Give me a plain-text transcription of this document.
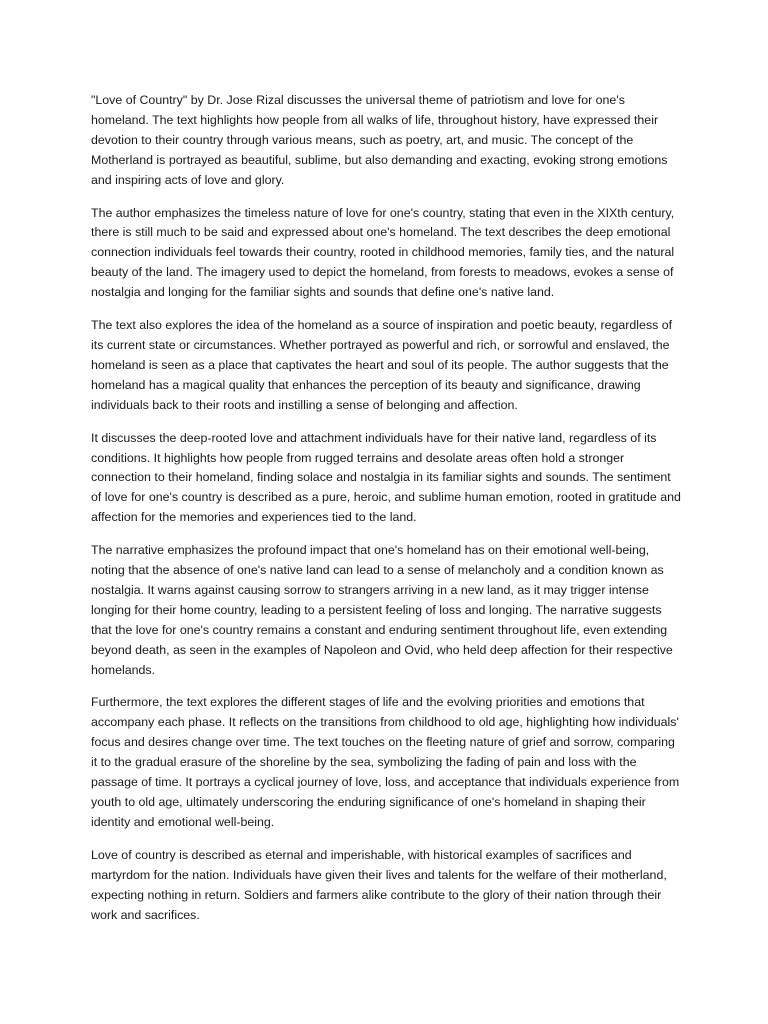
"Love of Country" by Dr. Jose Rizal discusses the universal theme of patriotism and love for one's homeland. The text highlights how people from all walks of life, throughout history, have expressed their devotion to their country through various means, such as poetry, art, and music. The concept of the Motherland is portrayed as beautiful, sublime, but also demanding and exacting, evoking strong emotions and inspiring acts of love and glory.

The author emphasizes the timeless nature of love for one's country, stating that even in the XIXth century, there is still much to be said and expressed about one's homeland. The text describes the deep emotional connection individuals feel towards their country, rooted in childhood memories, family ties, and the natural beauty of the land. The imagery used to depict the homeland, from forests to meadows, evokes a sense of nostalgia and longing for the familiar sights and sounds that define one's native land.

The text also explores the idea of the homeland as a source of inspiration and poetic beauty, regardless of its current state or circumstances. Whether portrayed as powerful and rich, or sorrowful and enslaved, the homeland is seen as a place that captivates the heart and soul of its people. The author suggests that the homeland has a magical quality that enhances the perception of its beauty and significance, drawing individuals back to their roots and instilling a sense of belonging and affection.

It discusses the deep-rooted love and attachment individuals have for their native land, regardless of its conditions. It highlights how people from rugged terrains and desolate areas often hold a stronger connection to their homeland, finding solace and nostalgia in its familiar sights and sounds. The sentiment of love for one's country is described as a pure, heroic, and sublime human emotion, rooted in gratitude and affection for the memories and experiences tied to the land.

The narrative emphasizes the profound impact that one's homeland has on their emotional well-being, noting that the absence of one's native land can lead to a sense of melancholy and a condition known as nostalgia. It warns against causing sorrow to strangers arriving in a new land, as it may trigger intense longing for their home country, leading to a persistent feeling of loss and longing. The narrative suggests that the love for one's country remains a constant and enduring sentiment throughout life, even extending beyond death, as seen in the examples of Napoleon and Ovid, who held deep affection for their respective homelands.

Furthermore, the text explores the different stages of life and the evolving priorities and emotions that accompany each phase. It reflects on the transitions from childhood to old age, highlighting how individuals' focus and desires change over time. The text touches on the fleeting nature of grief and sorrow, comparing it to the gradual erasure of the shoreline by the sea, symbolizing the fading of pain and loss with the passage of time. It portrays a cyclical journey of love, loss, and acceptance that individuals experience from youth to old age, ultimately underscoring the enduring significance of one's homeland in shaping their identity and emotional well-being.

Love of country is described as eternal and imperishable, with historical examples of sacrifices and martyrdom for the nation. Individuals have given their lives and talents for the welfare of their motherland, expecting nothing in return. Soldiers and farmers alike contribute to the glory of their nation through their work and sacrifices.
